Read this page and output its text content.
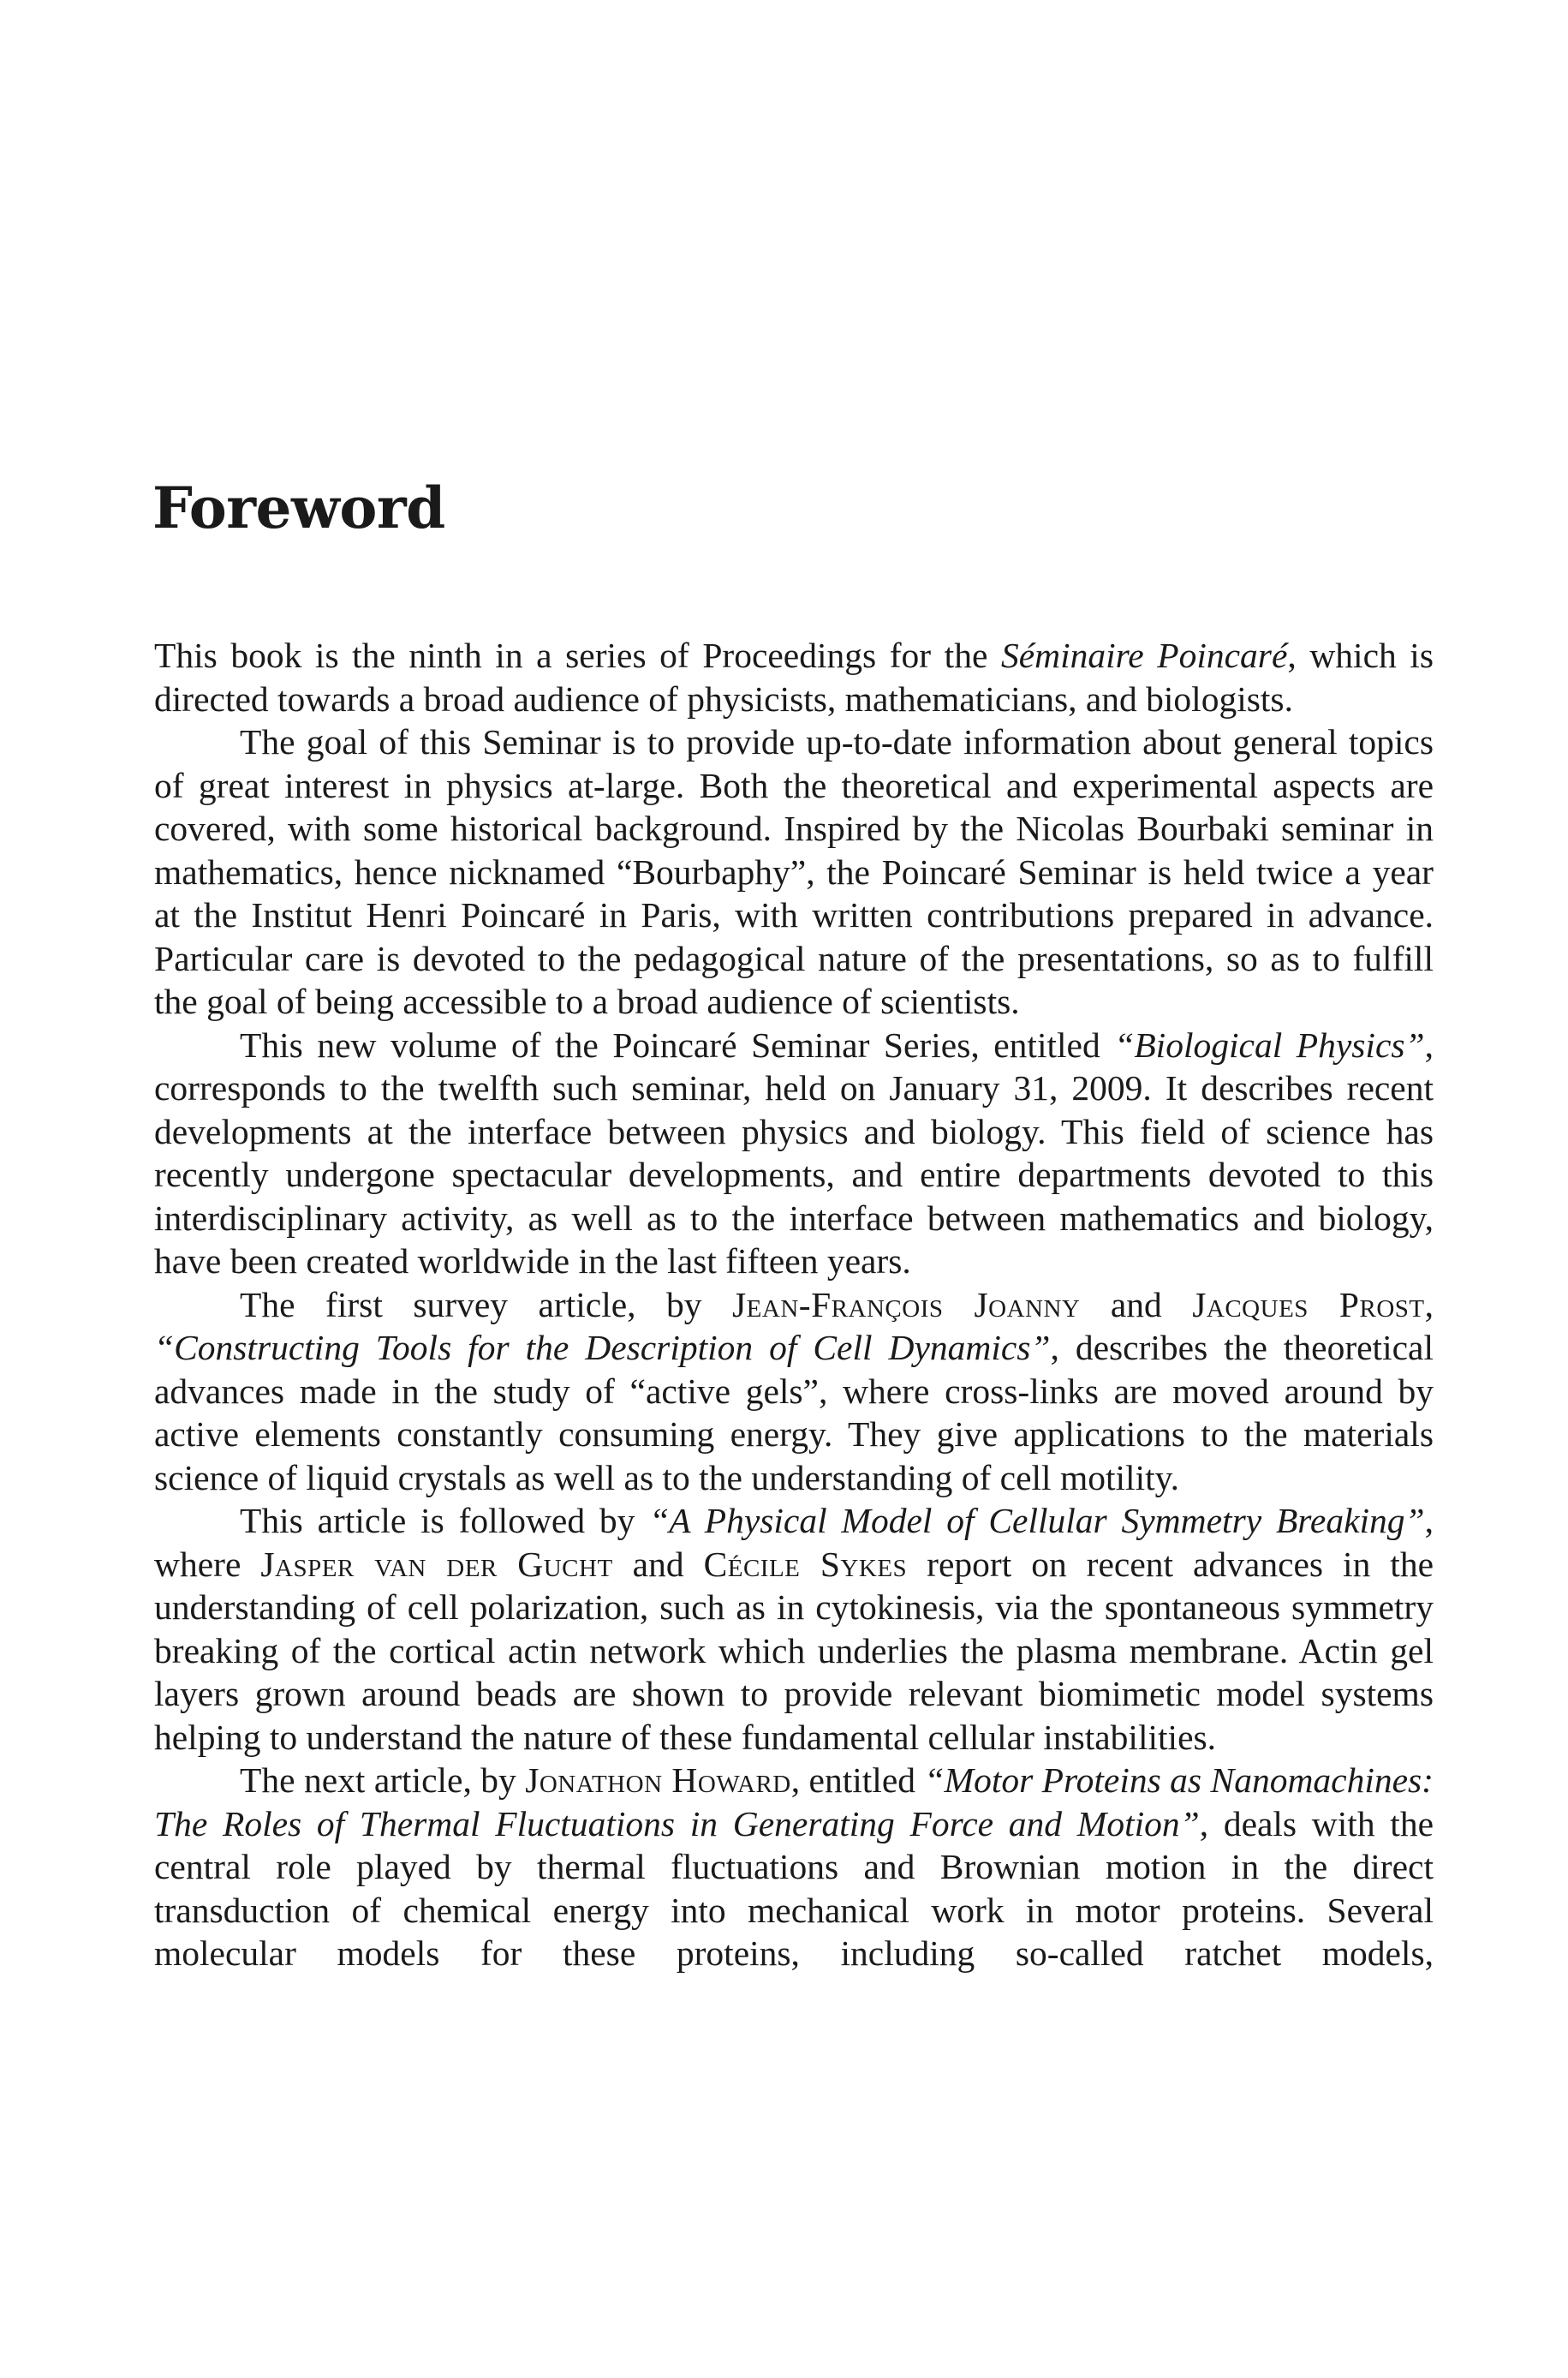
Foreword

This book is the ninth in a series of Proceedings for the Séminaire Poincaré, which is directed towards a broad audience of physicists, mathematicians, and biologists.

The goal of this Seminar is to provide up-to-date information about general topics of great interest in physics at-large. Both the theoretical and experimental aspects are covered, with some historical background. Inspired by the Nicolas Bourbaki seminar in mathematics, hence nicknamed “Bourbaphy”, the Poincaré Seminar is held twice a year at the Institut Henri Poincaré in Paris, with written contributions prepared in advance. Particular care is devoted to the pedagogical nature of the presentations, so as to fulfill the goal of being accessible to a broad audience of scientists.

This new volume of the Poincaré Seminar Series, entitled “Biological Physics”, corresponds to the twelfth such seminar, held on January 31, 2009. It describes recent developments at the interface between physics and biology. This field of science has recently undergone spectacular developments, and entire departments devoted to this interdisciplinary activity, as well as to the interface between mathematics and biology, have been created worldwide in the last fifteen years.

The first survey article, by Jean-François Joanny and Jacques Prost, “Constructing Tools for the Description of Cell Dynamics”, describes the theoretical advances made in the study of “active gels”, where cross-links are moved around by active elements constantly consuming energy. They give applications to the materials science of liquid crystals as well as to the understanding of cell motility.

This article is followed by “A Physical Model of Cellular Symmetry Breaking”, where Jasper van der Gucht and Cécile Sykes report on recent advances in the understanding of cell polarization, such as in cytokinesis, via the spontaneous symmetry breaking of the cortical actin network which underlies the plasma membrane. Actin gel layers grown around beads are shown to provide relevant biomimetic model systems helping to understand the nature of these fundamental cellular instabilities.

The next article, by Jonathon Howard, entitled “Motor Proteins as Nanomachines: The Roles of Thermal Fluctuations in Generating Force and Motion”, deals with the central role played by thermal fluctuations and Brownian motion in the direct transduction of chemical energy into mechanical work in motor proteins. Several molecular models for these proteins, including so-called ratchet models,
